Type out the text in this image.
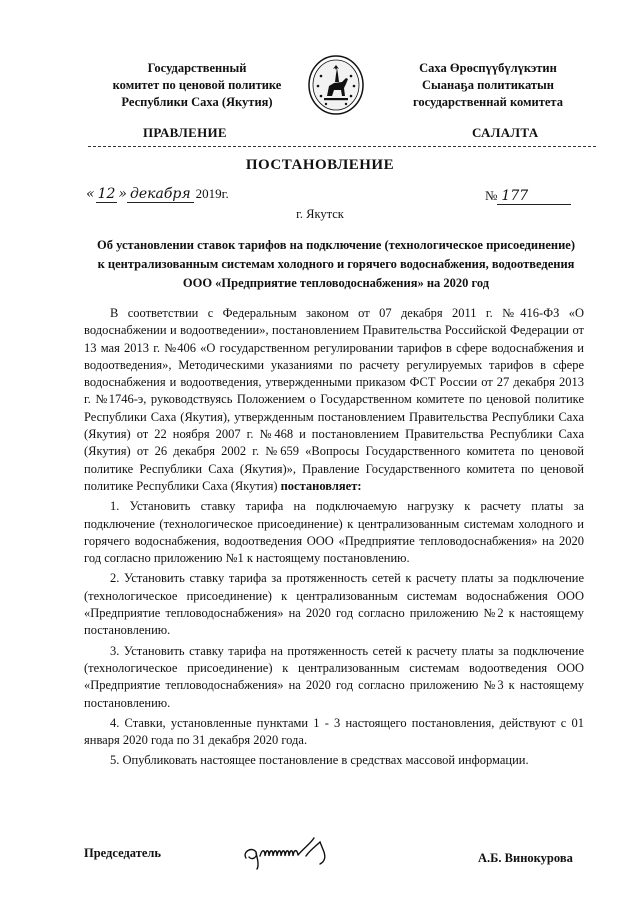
Государственный
комитет по ценовой политике
Республики Саха (Якутия)
Саха Өрөспүүбүлүкэтин
Сыанаҕа политикатын
государственнай комитета
ПРАВЛЕНИЕ	САЛАЛТА
ПОСТАНОВЛЕНИЕ
« 12 » декабря 2019г.	№ 177
г. Якутск
Об установлении ставок тарифов на подключение (технологическое присоединение)
к централизованным системам холодного и горячего водоснабжения, водоотведения
ООО «Предприятие тепловодоснабжения» на 2020 год

В соответствии с Федеральным законом от 07 декабря 2011 г. №416-ФЗ «О водоснабжении и водоотведении», постановлением Правительства Российской Федерации от 13 мая 2013 г. №406 «О государственном регулировании тарифов в сфере водоснабжения и водоотведения», Методическими указаниями по расчету регулируемых тарифов в сфере водоснабжения и водоотведения, утвержденными приказом ФСТ России от 27 декабря 2013 г. №1746-э, руководствуясь Положением о Государственном комитете по ценовой политике Республики Саха (Якутия), утвержденным постановлением Правительства Республики Саха (Якутия) от 22 ноября 2007 г. №468 и постановлением Правительства Республики Саха (Якутия) от 26 декабря 2002 г. №659 «Вопросы Государственного комитета по ценовой политике Республики Саха (Якутия)», Правление Государственного комитета по ценовой политике Республики Саха (Якутия) постановляет:

1. Установить ставку тарифа на подключаемую нагрузку к расчету платы за подключение (технологическое присоединение) к централизованным системам холодного и горячего водоснабжения, водоотведения ООО «Предприятие тепловодоснабжения» на 2020 год согласно приложению №1 к настоящему постановлению.

2. Установить ставку тарифа за протяженность сетей к расчету платы за подключение (технологическое присоединение) к централизованным системам водоснабжения ООО «Предприятие тепловодоснабжения» на 2020 год согласно приложению №2 к настоящему постановлению.

3. Установить ставку тарифа на протяженность сетей к расчету платы за подключение (технологическое присоединение) к централизованным системам водоотведения ООО «Предприятие тепловодоснабжения» на 2020 год согласно приложению №3 к настоящему постановлению.

4. Ставки, установленные пунктами 1 - 3 настоящего постановления, действуют с 01 января 2020 года по 31 декабря 2020 года.

5. Опубликовать настоящее постановление в средствах массовой информации.

Председатель	А.Б. Винокурова
